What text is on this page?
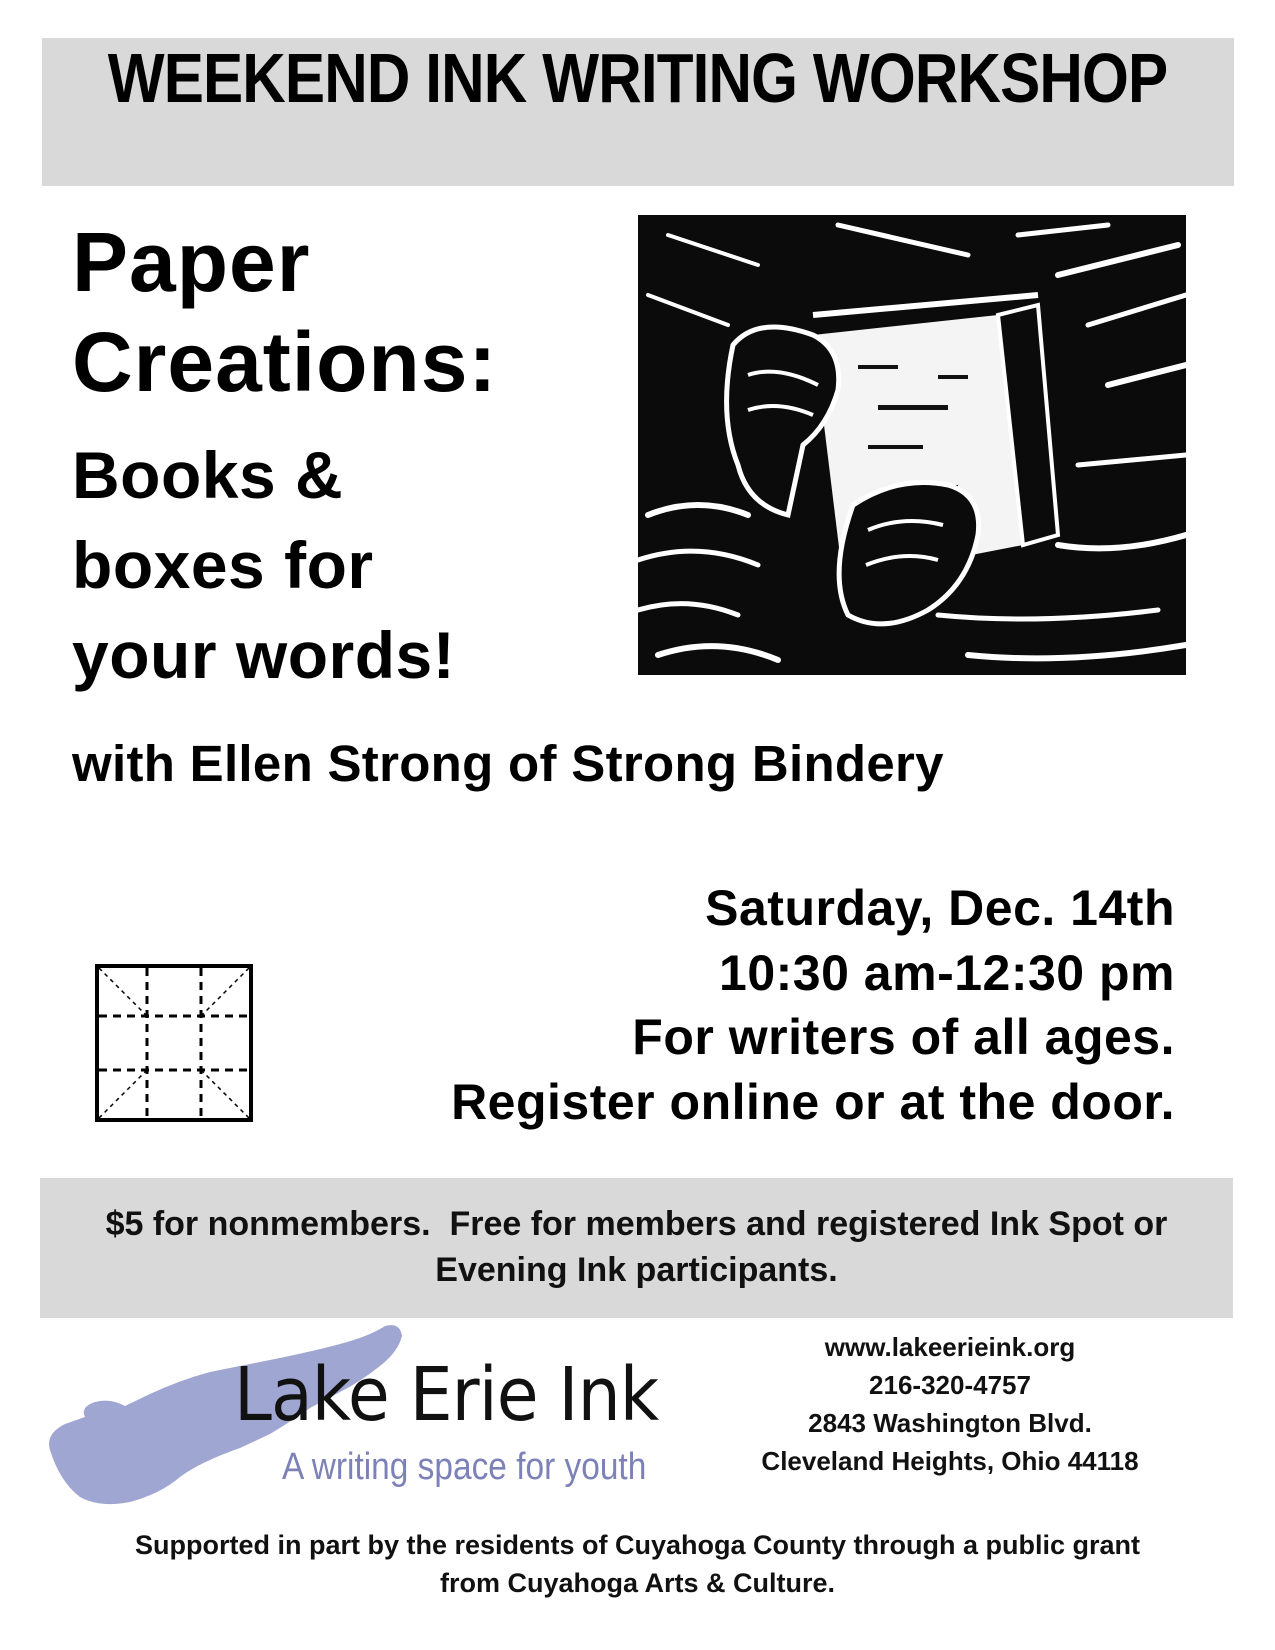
WEEKEND INK WRITING WORKSHOP
Paper
Creations:
Books &
boxes for
your words!
with Ellen Strong of Strong Bindery
Saturday, Dec. 14th
10:30 am-12:30 pm
For writers of all ages.
Register online or at the door.
$5 for nonmembers.  Free for members and registered Ink Spot or
Evening Ink participants.
Lake Erie Ink
A writing space for youth
www.lakeerieink.org
216-320-4757
2843 Washington Blvd.
Cleveland Heights, Ohio 44118
Supported in part by the residents of Cuyahoga County through a public grant
from Cuyahoga Arts & Culture.
